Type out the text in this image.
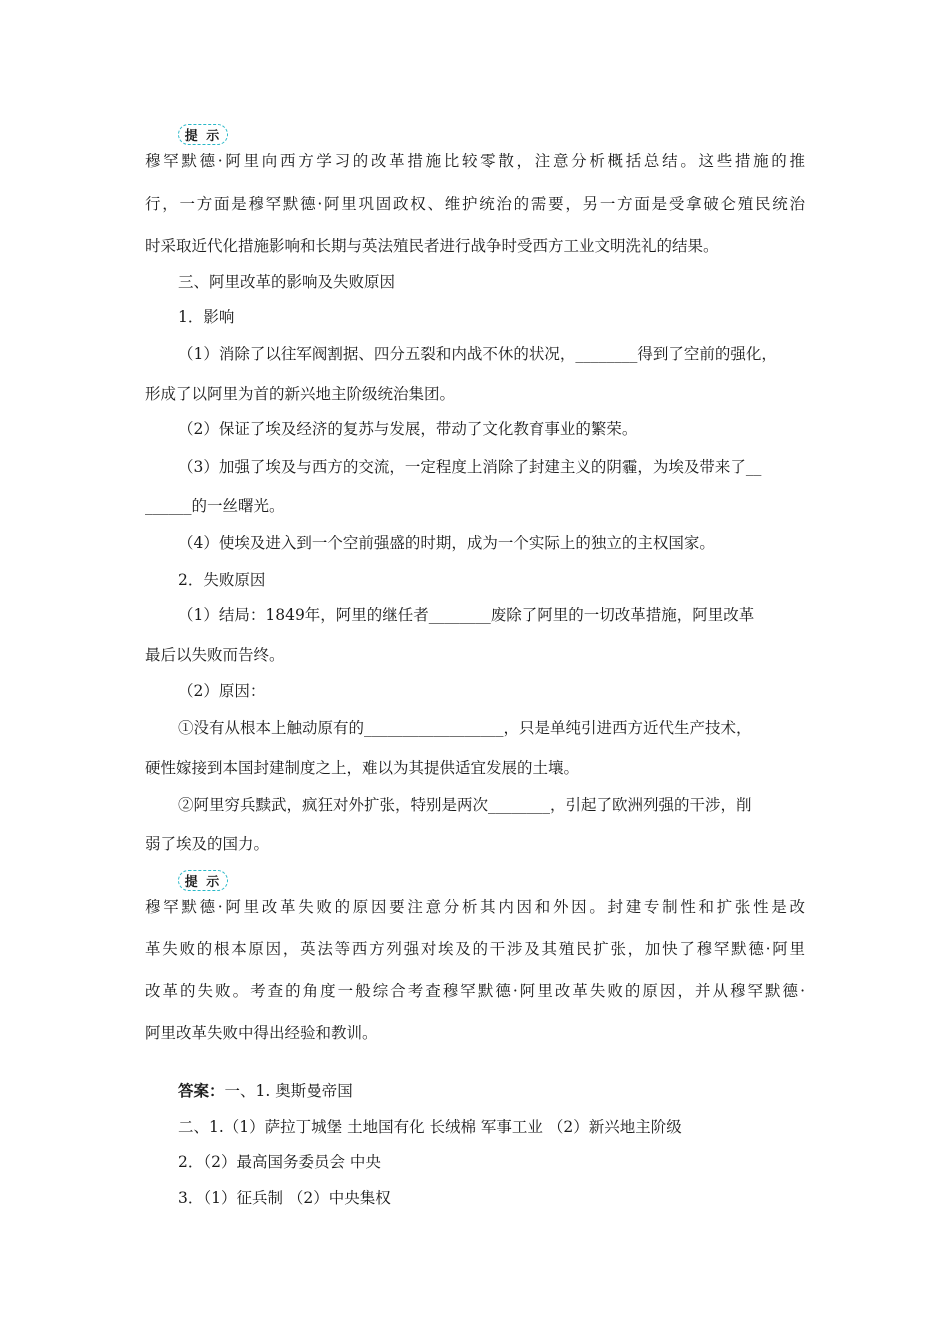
提 示
穆罕默德·阿里向西方学习的改革措施比较零散，注意分析概括总结。这些措施的推
行，一方面是穆罕默德·阿里巩固政权、维护统治的需要，另一方面是受拿破仑殖民统治
时采取近代化措施影响和长期与英法殖民者进行战争时受西方工业文明洗礼的结果。
三、阿里改革的影响及失败原因
1．影响
（1）消除了以往军阀割据、四分五裂和内战不休的状况，________得到了空前的强化，
形成了以阿里为首的新兴地主阶级统治集团。
（2）保证了埃及经济的复苏与发展，带动了文化教育事业的繁荣。
（3）加强了埃及与西方的交流，一定程度上消除了封建主义的阴霾，为埃及带来了__
______的一丝曙光。
（4）使埃及进入到一个空前强盛的时期，成为一个实际上的独立的主权国家。
2．失败原因
（1）结局：1849年，阿里的继任者________废除了阿里的一切改革措施，阿里改革
最后以失败而告终。
（2）原因：
①没有从根本上触动原有的__________________，只是单纯引进西方近代生产技术，
硬性嫁接到本国封建制度之上，难以为其提供适宜发展的土壤。
②阿里穷兵黩武，疯狂对外扩张，特别是两次________，引起了欧洲列强的干涉，削
弱了埃及的国力。
提 示
穆罕默德·阿里改革失败的原因要注意分析其内因和外因。封建专制性和扩张性是改
革失败的根本原因，英法等西方列强对埃及的干涉及其殖民扩张，加快了穆罕默德·阿里
改革的失败。考查的角度一般综合考查穆罕默德·阿里改革失败的原因，并从穆罕默德·
阿里改革失败中得出经验和教训。
答案：一、1. 奥斯曼帝国
二、1.（1）萨拉丁城堡 土地国有化 长绒棉 军事工业 （2）新兴地主阶级
2．（2）最高国务委员会 中央
3．（1）征兵制 （2）中央集权
